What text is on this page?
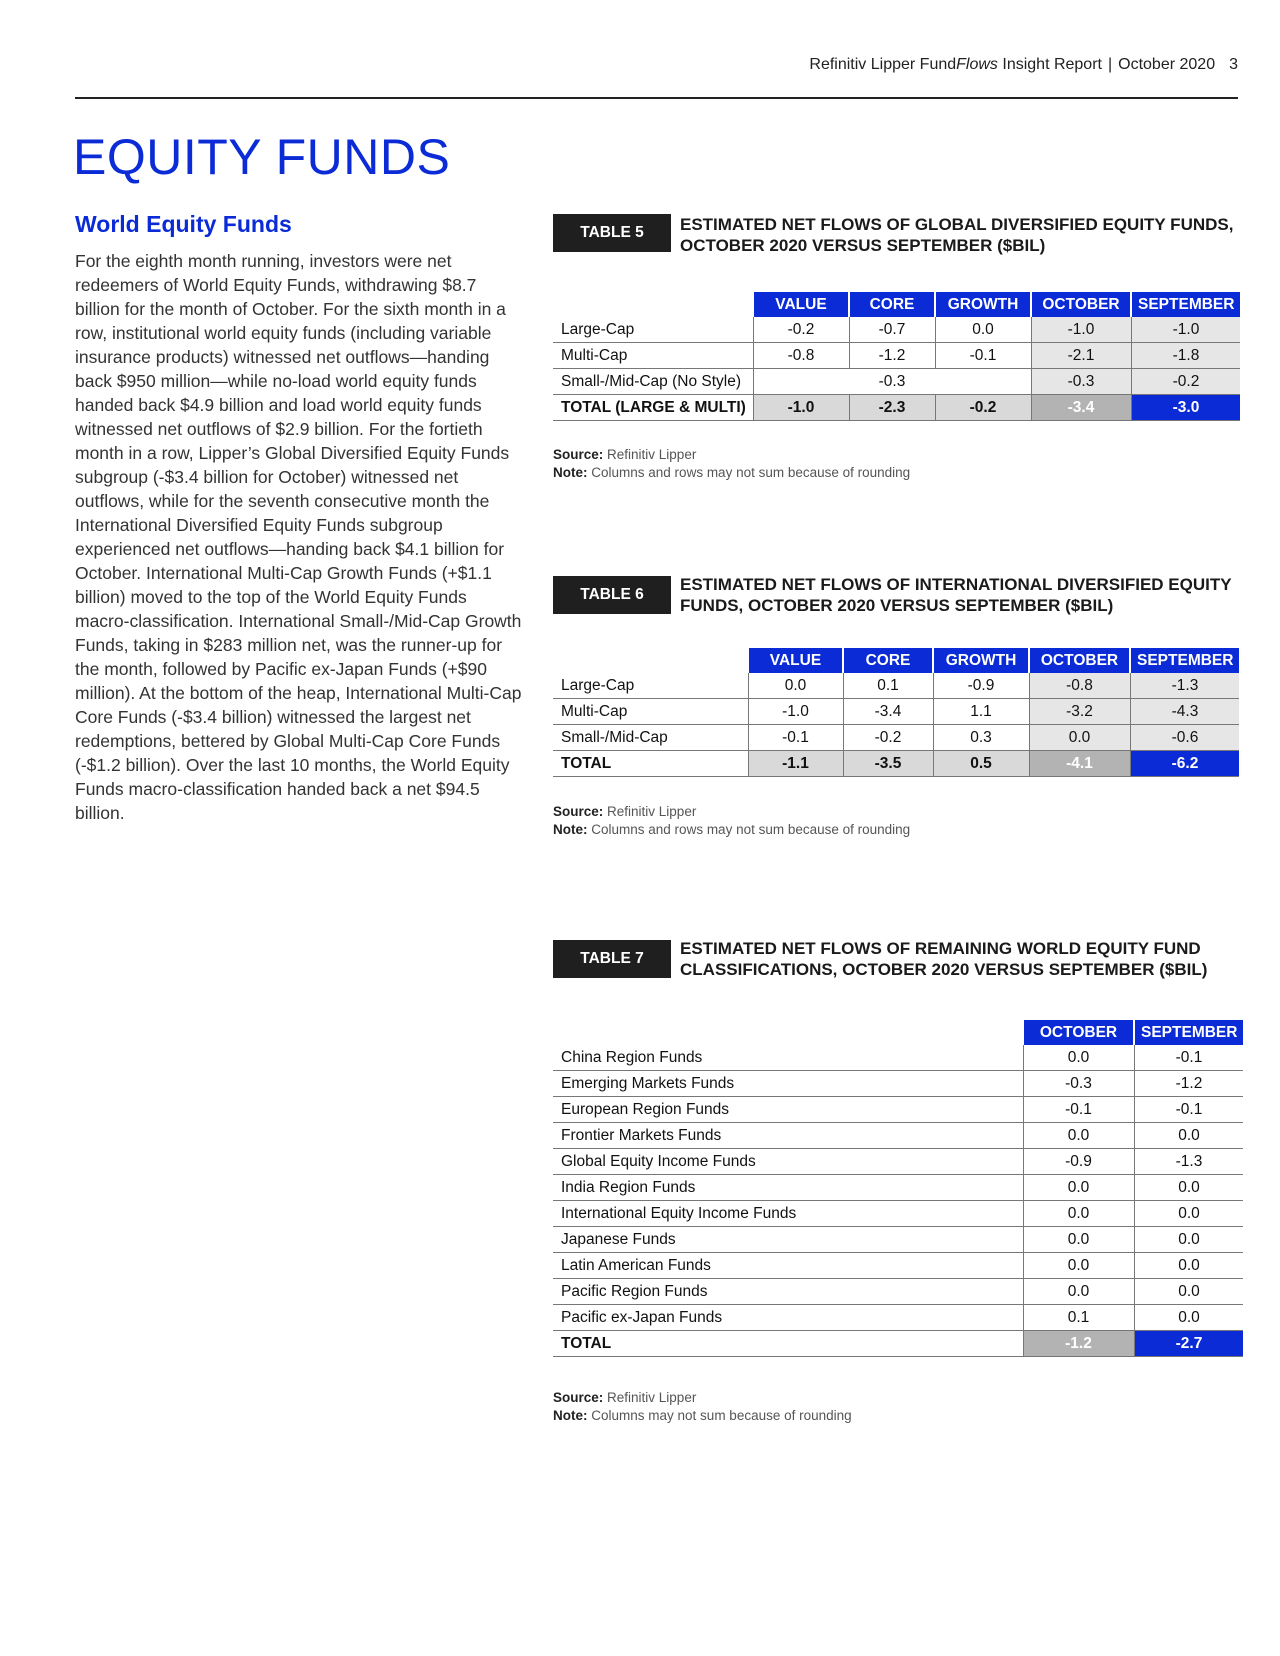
Refinitiv Lipper FundFlows Insight Report | October 2020 3
EQUITY FUNDS
World Equity Funds

For the eighth month running, investors were net redeemers of World Equity Funds, withdrawing $8.7 billion for the month of October. For the sixth month in a row, institutional world equity funds (including variable insurance products) witnessed net outflows—handing back $950 million—while no-load world equity funds handed back $4.9 billion and load world equity funds witnessed net outflows of $2.9 billion. For the fortieth month in a row, Lipper’s Global Diversified Equity Funds subgroup (-$3.4 billion for October) witnessed net outflows, while for the seventh consecutive month the International Diversified Equity Funds subgroup experienced net outflows—handing back $4.1 billion for October. International Multi-Cap Growth Funds (+$1.1 billion) moved to the top of the World Equity Funds macro-classification. International Small-/Mid-Cap Growth Funds, taking in $283 million net, was the runner-up for the month, followed by Pacific ex-Japan Funds (+$90 million). At the bottom of the heap, International Multi-Cap Core Funds (-$3.4 billion) witnessed the largest net redemptions, bettered by Global Multi-Cap Core Funds (-$1.2 billion). Over the last 10 months, the World Equity Funds macro-classification handed back a net $94.5 billion.

TABLE 5	ESTIMATED NET FLOWS OF GLOBAL DIVERSIFIED EQUITY FUNDS, OCTOBER 2020 VERSUS SEPTEMBER ($BIL)

	VALUE	CORE	GROWTH	OCTOBER	SEPTEMBER
Large-Cap	-0.2	-0.7	0.0	-1.0	-1.0
Multi-Cap	-0.8	-1.2	-0.1	-2.1	-1.8
Small-/Mid-Cap (No Style)	-0.3			-0.3	-0.2
TOTAL (LARGE & MULTI)	-1.0	-2.3	-0.2	-3.4	-3.0

Source: Refinitiv Lipper
Note: Columns and rows may not sum because of rounding

TABLE 6

ESTIMATED NET FLOWS OF INTERNATIONAL DIVERSIFIED EQUITY FUNDS, OCTOBER 2020 VERSUS SEPTEMBER ($BIL)

	VALUE	CORE	GROWTH	OCTOBER	SEPTEMBER
Large-Cap	0.0	0.1	-0.9	-0.8	-1.3
Multi-Cap	-1.0	-3.4	1.1	-3.2	-4.3
Small-/Mid-Cap	-0.1	-0.2	0.3	0.0	-0.6
TOTAL	-1.1	-3.5	0.5	-4.1	-6.2

Source: Refinitiv Lipper
Note: Columns and rows may not sum because of rounding

TABLE 7

ESTIMATED NET FLOWS OF REMAINING WORLD EQUITY FUND CLASSIFICATIONS, OCTOBER 2020 VERSUS SEPTEMBER ($BIL)

	OCTOBER	SEPTEMBER
China Region Funds	0.0	-0.1
Emerging Markets Funds	-0.3	-1.2
European Region Funds	-0.1	-0.1
Frontier Markets Funds	0.0	0.0
Global Equity Income Funds	-0.9	-1.3
India Region Funds	0.0	0.0
International Equity Income Funds	0.0	0.0
Japanese Funds	0.0	0.0
Latin American Funds	0.0	0.0
Pacific Region Funds	0.0	0.0
Pacific ex-Japan Funds	0.1	0.0
TOTAL	-1.2	-2.7

Source: Refinitiv Lipper
Note: Columns may not sum because of rounding
